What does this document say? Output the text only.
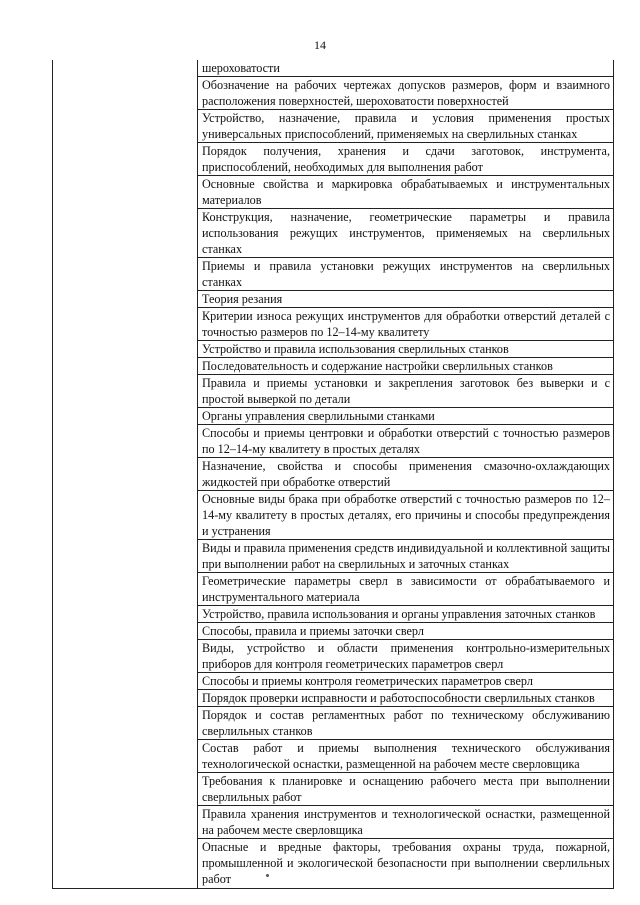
14
шероховатости
Обозначение на рабочих чертежах допусков размеров, форм и взаимного расположения поверхностей, шероховатости поверхностей
Устройство, назначение, правила и условия применения простых универсальных приспособлений, применяемых на сверлильных станках
Порядок получения, хранения и сдачи заготовок, инструмента, приспособлений, необходимых для выполнения работ
Основные свойства и маркировка обрабатываемых и инструментальных материалов
Конструкция, назначение, геометрические параметры и правила использования режущих инструментов, применяемых на сверлильных станках
Приемы и правила установки режущих инструментов на сверлильных станках
Теория резания
Критерии износа режущих инструментов для обработки отверстий деталей с точностью размеров по 12–14-му квалитету
Устройство и правила использования сверлильных станков
Последовательность и содержание настройки сверлильных станков
Правила и приемы установки и закрепления заготовок без выверки и с простой выверкой по детали
Органы управления сверлильными станками
Способы и приемы центровки и обработки отверстий с точностью размеров по 12–14-му квалитету в простых деталях
Назначение, свойства и способы применения смазочно-охлаждающих жидкостей при обработке отверстий
Основные виды брака при обработке отверстий с точностью размеров по 12–14-му квалитету в простых деталях, его причины и способы предупреждения и устранения
Виды и правила применения средств индивидуальной и коллективной защиты при выполнении работ на сверлильных и заточных станках
Геометрические параметры сверл в зависимости от обрабатываемого и инструментального материала
Устройство, правила использования и органы управления заточных станков
Способы, правила и приемы заточки сверл
Виды, устройство и области применения контрольно-измерительных приборов для контроля геометрических параметров сверл
Способы и приемы контроля геометрических параметров сверл
Порядок проверки исправности и работоспособности сверлильных станков
Порядок и состав регламентных работ по техническому обслуживанию сверлильных станков
Состав работ и приемы выполнения технического обслуживания технологической оснастки, размещенной на рабочем месте сверловщика
Требования к планировке и оснащению рабочего места при выполнении сверлильных работ
Правила хранения инструментов и технологической оснастки, размещенной на рабочем месте сверловщика
Опасные и вредные факторы, требования охраны труда, пожарной, промышленной и экологической безопасности при выполнении сверлильных работ
